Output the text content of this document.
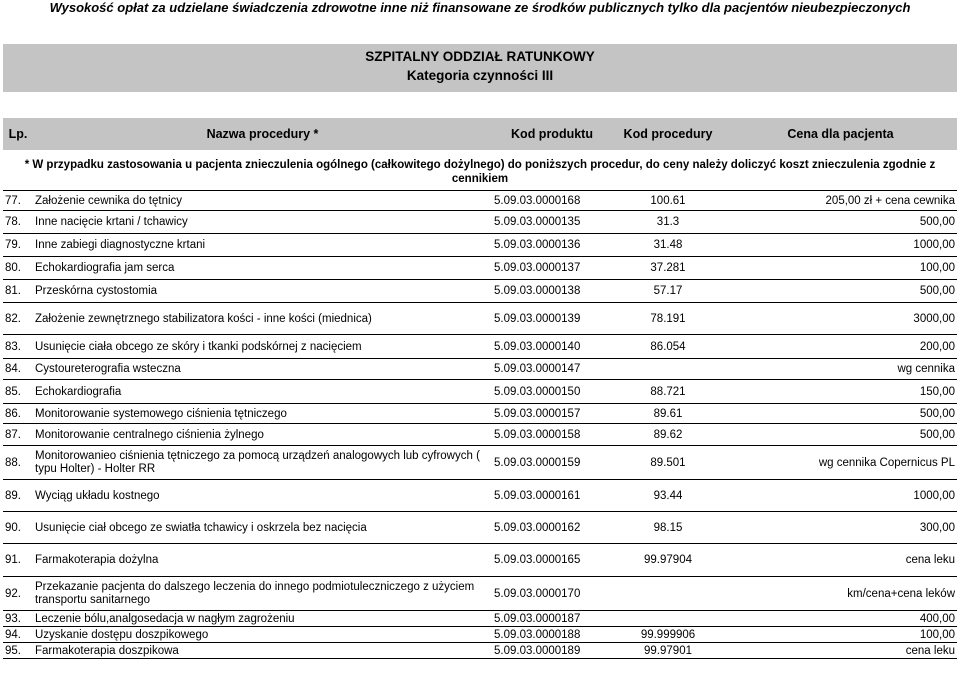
Wysokość opłat za udzielane świadczenia zdrowotne inne niż finansowane ze środków publicznych tylko dla pacjentów nieubezpieczonych
SZPITALNY ODDZIAŁ RATUNKOWY
Kategoria czynności III
Lp.	Nazwa procedury *	Kod produktu	Kod procedury	Cena dla pacjenta
* W przypadku zastosowania u pacjenta znieczulenia ogólnego (całkowitego dożylnego) do poniższych procedur, do ceny należy doliczyć koszt znieczulenia zgodnie z cennikiem				
77.	Założenie cewnika do tętnicy	5.09.03.0000168	100.61	205,00 zł + cena cewnika
78.	Inne nacięcie krtani / tchawicy	5.09.03.0000135	31.3	500,00
79.	Inne zabiegi diagnostyczne krtani	5.09.03.0000136	31.48	1000,00
80.	Echokardiografia jam serca	5.09.03.0000137	37.281	100,00
81.	Przeskórna cystostomia	5.09.03.0000138	57.17	500,00
82.	Założenie zewnętrznego stabilizatora kości - inne kości (miednica)	5.09.03.0000139	78.191	3000,00
83.	Usunięcie ciała obcego ze skóry i tkanki podskórnej z nacięciem	5.09.03.0000140	86.054	200,00
84.	Cystoureterografia wsteczna	5.09.03.0000147		wg cennika
85.	Echokardiografia	5.09.03.0000150	88.721	150,00
86.	Monitorowanie systemowego ciśnienia tętniczego	5.09.03.0000157	89.61	500,00
87.	Monitorowanie centralnego ciśnienia żylnego	5.09.03.0000158	89.62	500,00
88.	Monitorowanieo ciśnienia tętniczego za pomocą urządzeń analogowych lub cyfrowych ( typu Holter) - Holter RR	5.09.03.0000159	89.501	wg cennika Copernicus PL
89.	Wyciąg układu kostnego	5.09.03.0000161	93.44	1000,00
90.	Usunięcie ciał obcego ze swiatła tchawicy i oskrzela bez nacięcia	5.09.03.0000162	98.15	300,00
91.	Farmakoterapia dożylna	5.09.03.0000165	99.97904	cena leku
92.	Przekazanie pacjenta do dalszego leczenia do innego podmiotuleczniczego z użyciem transportu sanitarnego	5.09.03.0000170		km/cena+cena leków
93.	Leczenie bólu,analgosedacja w nagłym zagrożeniu	5.09.03.0000187		400,00
94.	Uzyskanie dostępu doszpikowego	5.09.03.0000188	99.999906	100,00
95.	Farmakoterapia doszpikowa	5.09.03.0000189	99.97901	cena leku
